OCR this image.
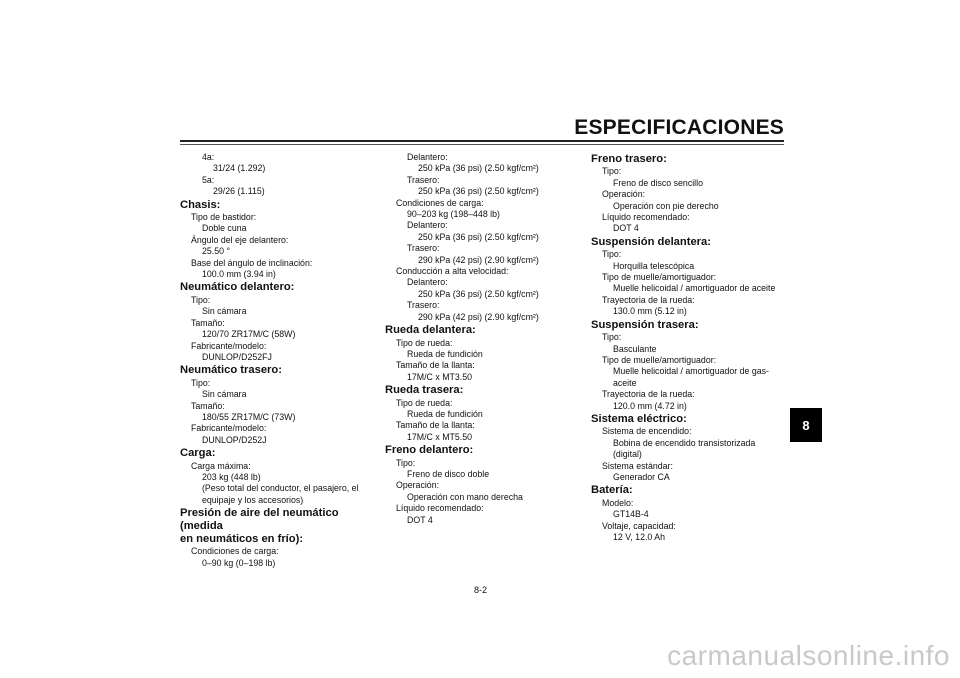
ESPECIFICACIONES
4a:
31/24 (1.292)
5a:
29/26 (1.115)
Chasis:
Tipo de bastidor:
Doble cuna
Ángulo del eje delantero:
25.50 °
Base del ángulo de inclinación:
100.0 mm (3.94 in)
Neumático delantero:
Tipo:
Sin cámara
Tamaño:
120/70 ZR17M/C (58W)
Fabricante/modelo:
DUNLOP/D252FJ
Neumático trasero:
Tipo:
Sin cámara
Tamaño:
180/55 ZR17M/C (73W)
Fabricante/modelo:
DUNLOP/D252J
Carga:
Carga máxima:
203 kg (448 lb)
(Peso total del conductor, el pasajero, el
equipaje y los accesorios)
Presión de aire del neumático (medida
en neumáticos en frío):
Condiciones de carga:
0–90 kg (0–198 lb)
Delantero:
250 kPa (36 psi) (2.50 kgf/cm²)
Trasero:
250 kPa (36 psi) (2.50 kgf/cm²)
Condiciones de carga:
90–203 kg (198–448 lb)
Delantero:
250 kPa (36 psi) (2.50 kgf/cm²)
Trasero:
290 kPa (42 psi) (2.90 kgf/cm²)
Conducción a alta velocidad:
Delantero:
250 kPa (36 psi) (2.50 kgf/cm²)
Trasero:
290 kPa (42 psi) (2.90 kgf/cm²)
Rueda delantera:
Tipo de rueda:
Rueda de fundición
Tamaño de la llanta:
17M/C x MT3.50
Rueda trasera:
Tipo de rueda:
Rueda de fundición
Tamaño de la llanta:
17M/C x MT5.50
Freno delantero:
Tipo:
Freno de disco doble
Operación:
Operación con mano derecha
Líquido recomendado:
DOT 4
Freno trasero:
Tipo:
Freno de disco sencillo
Operación:
Operación con pie derecho
Líquido recomendado:
DOT 4
Suspensión delantera:
Tipo:
Horquilla telescópica
Tipo de muelle/amortiguador:
Muelle helicoidal / amortiguador de aceite
Trayectoria de la rueda:
130.0 mm (5.12 in)
Suspensión trasera:
Tipo:
Basculante
Tipo de muelle/amortiguador:
Muelle helicoidal / amortiguador de gas-
aceite
Trayectoria de la rueda:
120.0 mm (4.72 in)
Sistema eléctrico:
Sistema de encendido:
Bobina de encendido transistorizada
(digital)
Sistema estándar:
Generador CA
Batería:
Modelo:
GT14B-4
Voltaje, capacidad:
12 V, 12.0 Ah
8-2
8
carmanualsonline.info
